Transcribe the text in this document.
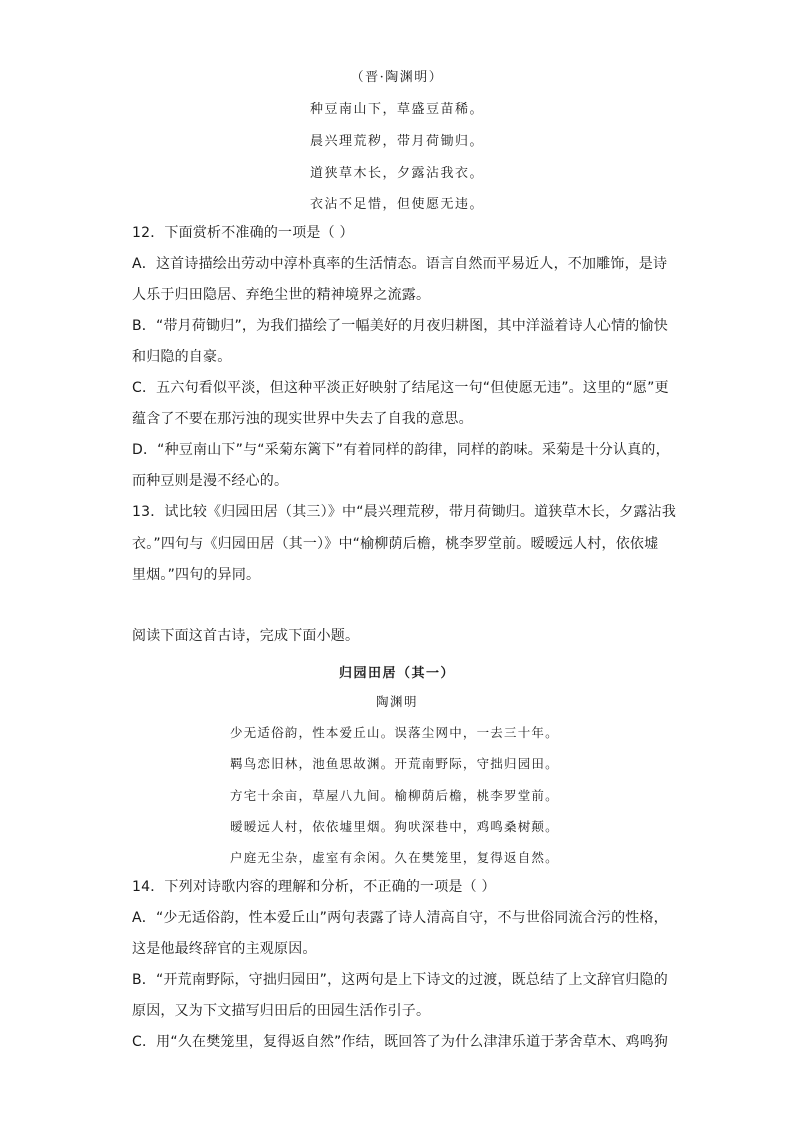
（晋·陶渊明）
种豆南山下，草盛豆苗稀。
晨兴理荒秽，带月荷锄归。
道狭草木长，夕露沾我衣。
衣沾不足惜，但使愿无违。
12．下面赏析不准确的一项是（ ）
A．这首诗描绘出劳动中淳朴真率的生活情态。语言自然而平易近人，不加雕饰，是诗
人乐于归田隐居、弃绝尘世的精神境界之流露。
B．“带月荷锄归”，为我们描绘了一幅美好的月夜归耕图，其中洋溢着诗人心情的愉快
和归隐的自豪。
C．五六句看似平淡，但这种平淡正好映射了结尾这一句“但使愿无违”。这里的“愿”更
蕴含了不要在那污浊的现实世界中失去了自我的意思。
D．“种豆南山下”与“采菊东篱下”有着同样的韵律，同样的韵味。采菊是十分认真的，
而种豆则是漫不经心的。
13．试比较《归园田居（其三）》中“晨兴理荒秽，带月荷锄归。道狭草木长，夕露沾我
衣。”四句与《归园田居（其一）》中“榆柳荫后檐，桃李罗堂前。暧暧远人村，依依墟
里烟。”四句的异同。
阅读下面这首古诗，完成下面小题。
归园田居（其一）
陶渊明
少无适俗韵，性本爱丘山。误落尘网中，一去三十年。
羁鸟恋旧林，池鱼思故渊。开荒南野际，守拙归园田。
方宅十余亩，草屋八九间。榆柳荫后檐，桃李罗堂前。
暧暧远人村，依依墟里烟。狗吠深巷中，鸡鸣桑树颠。
户庭无尘杂，虚室有余闲。久在樊笼里，复得返自然。
14．下列对诗歌内容的理解和分析，不正确的一项是（ ）
A．“少无适俗韵，性本爱丘山”两句表露了诗人清高自守，不与世俗同流合污的性格，
这是他最终辞官的主观原因。
B．“开荒南野际，守拙归园田”，这两句是上下诗文的过渡，既总结了上文辞官归隐的
原因，又为下文描写归田后的田园生活作引子。
C．用“久在樊笼里，复得返自然”作结，既回答了为什么津津乐道于茅舍草木、鸡鸣狗
